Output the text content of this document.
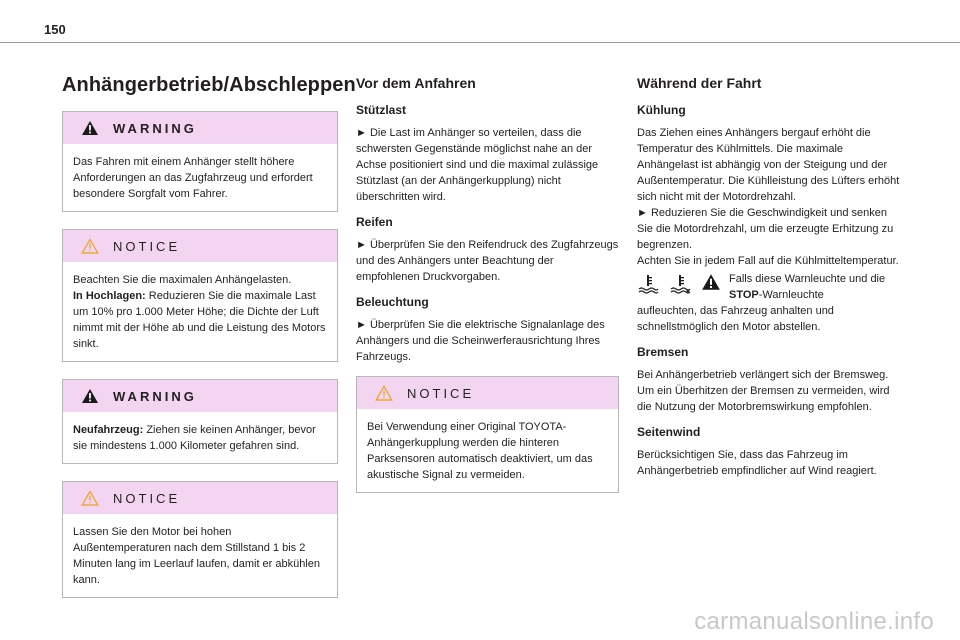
150
Anhängerbetrieb/Abschleppen
WARNING
Das Fahren mit einem Anhänger stellt höhere Anforderungen an das Zugfahrzeug und erfordert besondere Sorgfalt vom Fahrer.
NOTICE
Beachten Sie die maximalen Anhängelasten.
In Hochlagen: Reduzieren Sie die maximale Last um 10% pro 1.000 Meter Höhe; die Dichte der Luft nimmt mit der Höhe ab und die Leistung des Motors sinkt.
WARNING
Neufahrzeug: Ziehen sie keinen Anhänger, bevor sie mindestens 1.000 Kilometer gefahren sind.
NOTICE
Lassen Sie den Motor bei hohen Außentemperaturen nach dem Stillstand 1 bis 2 Minuten lang im Leerlauf laufen, damit er abkühlen kann.
Vor dem Anfahren
Stützlast

► Die Last im Anhänger so verteilen, dass die schwersten Gegenstände möglichst nahe an der Achse positioniert sind und die maximal zulässige Stützlast (an der Anhängerkupplung) nicht überschritten wird.

Reifen

► Überprüfen Sie den Reifendruck des Zugfahrzeugs und des Anhängers unter Beachtung der empfohlenen Druckvorgaben.

Beleuchtung

► Überprüfen Sie die elektrische Signalanlage des Anhängers und die Scheinwerferausrichtung Ihres Fahrzeugs.

NOTICE
Bei Verwendung einer Original TOYOTA-Anhängerkupplung werden die hinteren Parksensoren automatisch deaktiviert, um das akustische Signal zu vermeiden.
Während der Fahrt
Kühlung

Das Ziehen eines Anhängers bergauf erhöht die Temperatur des Kühlmittels. Die maximale Anhängelast ist abhängig von der Steigung und der Außentemperatur. Die Kühlleistung des Lüfters erhöht sich nicht mit der Motordrehzahl.

► Reduzieren Sie die Geschwindigkeit und senken Sie die Motordrehzahl, um die erzeugte Erhitzung zu begrenzen.

Achten Sie in jedem Fall auf die Kühlmitteltemperatur.

Falls diese Warnleuchte und die
STOP-Warnleuchte

aufleuchten, das Fahrzeug anhalten und schnellstmöglich den Motor abstellen.

Bremsen

Bei Anhängerbetrieb verlängert sich der Bremsweg. Um ein Überhitzen der Bremsen zu vermeiden, wird die Nutzung der Motorbremswirkung empfohlen.

Seitenwind

Berücksichtigen Sie, dass das Fahrzeug im Anhängerbetrieb empfindlicher auf Wind reagiert.

carmanualsonline.info
